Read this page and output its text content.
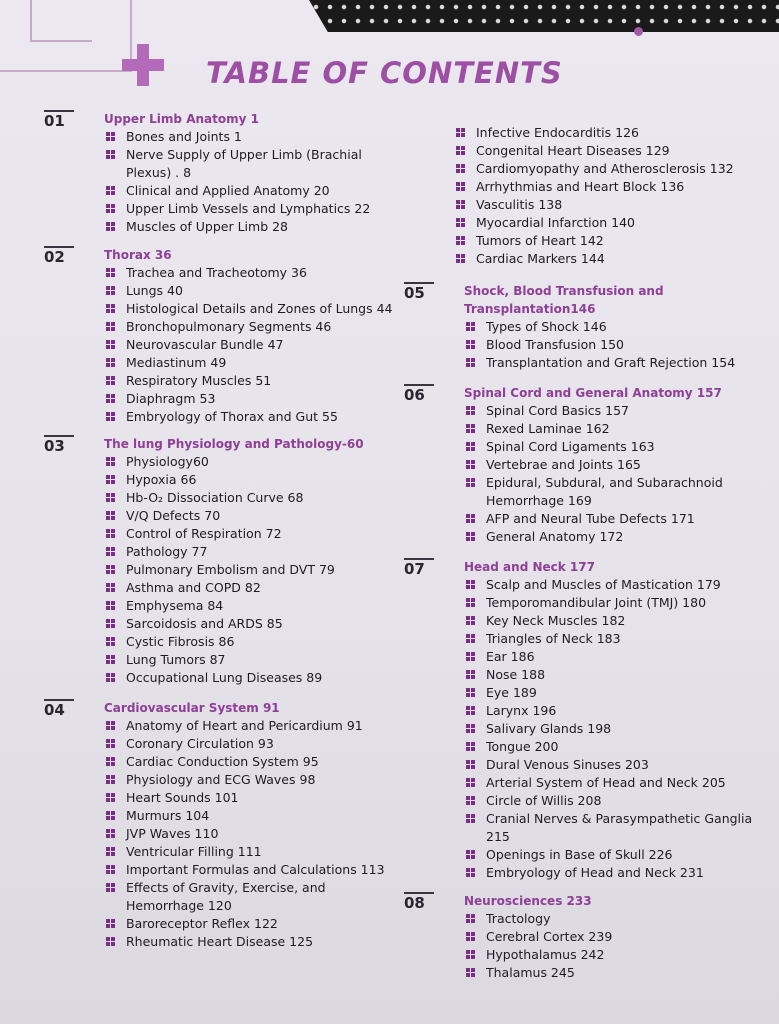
TABLE OF CONTENTS
01	Upper Limb Anatomy 1
Bones and Joints 1
Nerve Supply of Upper Limb (Brachial Plexus) . 8
Clinical and Applied Anatomy 20
Upper Limb Vessels and Lymphatics 22
Muscles of Upper Limb 28
02	Thorax 36
Trachea and Tracheotomy 36
Lungs 40
Histological Details and Zones of Lungs 44
Bronchopulmonary Segments 46
Neurovascular Bundle 47
Mediastinum 49
Respiratory Muscles 51
Diaphragm 53
Embryology of Thorax and Gut 55
03	The lung Physiology and Pathology-60
Physiology60
Hypoxia 66
Hb-O₂ Dissociation Curve 68
V/Q Defects 70
Control of Respiration 72
Pathology 77
Pulmonary Embolism and DVT 79
Asthma and COPD 82
Emphysema 84
Sarcoidosis and ARDS 85
Cystic Fibrosis 86
Lung Tumors 87
Occupational Lung Diseases 89
04	Cardiovascular System 91
Anatomy of Heart and Pericardium 91
Coronary Circulation 93
Cardiac Conduction System 95
Physiology and ECG Waves 98
Heart Sounds 101
Murmurs 104
JVP Waves 110
Ventricular Filling 111
Important Formulas and Calculations 113
Effects of Gravity, Exercise, and Hemorrhage 120
Baroreceptor Reflex 122
Rheumatic Heart Disease 125
Infective Endocarditis 126
Congenital Heart Diseases 129
Cardiomyopathy and Atherosclerosis 132
Arrhythmias and Heart Block 136
Vasculitis 138
Myocardial Infarction 140
Tumors of Heart 142
Cardiac Markers 144
05	Shock, Blood Transfusion and Transplantation146
Types of Shock 146
Blood Transfusion 150
Transplantation and Graft Rejection 154
06	Spinal Cord and General Anatomy 157
Spinal Cord Basics 157
Rexed Laminae 162
Spinal Cord Ligaments 163
Vertebrae and Joints 165
Epidural, Subdural, and Subarachnoid Hemorrhage 169
AFP and Neural Tube Defects 171
General Anatomy 172
07	Head and Neck 177
Scalp and Muscles of Mastication 179
Temporomandibular Joint (TMJ) 180
Key Neck Muscles 182
Triangles of Neck 183
Ear 186
Nose 188
Eye 189
Larynx 196
Salivary Glands 198
Tongue 200
Dural Venous Sinuses 203
Arterial System of Head and Neck 205
Circle of Willis 208
Cranial Nerves & Parasympathetic Ganglia 215
Openings in Base of Skull 226
Embryology of Head and Neck 231
08	Neurosciences 233
Tractology
Cerebral Cortex 239
Hypothalamus 242
Thalamus 245
